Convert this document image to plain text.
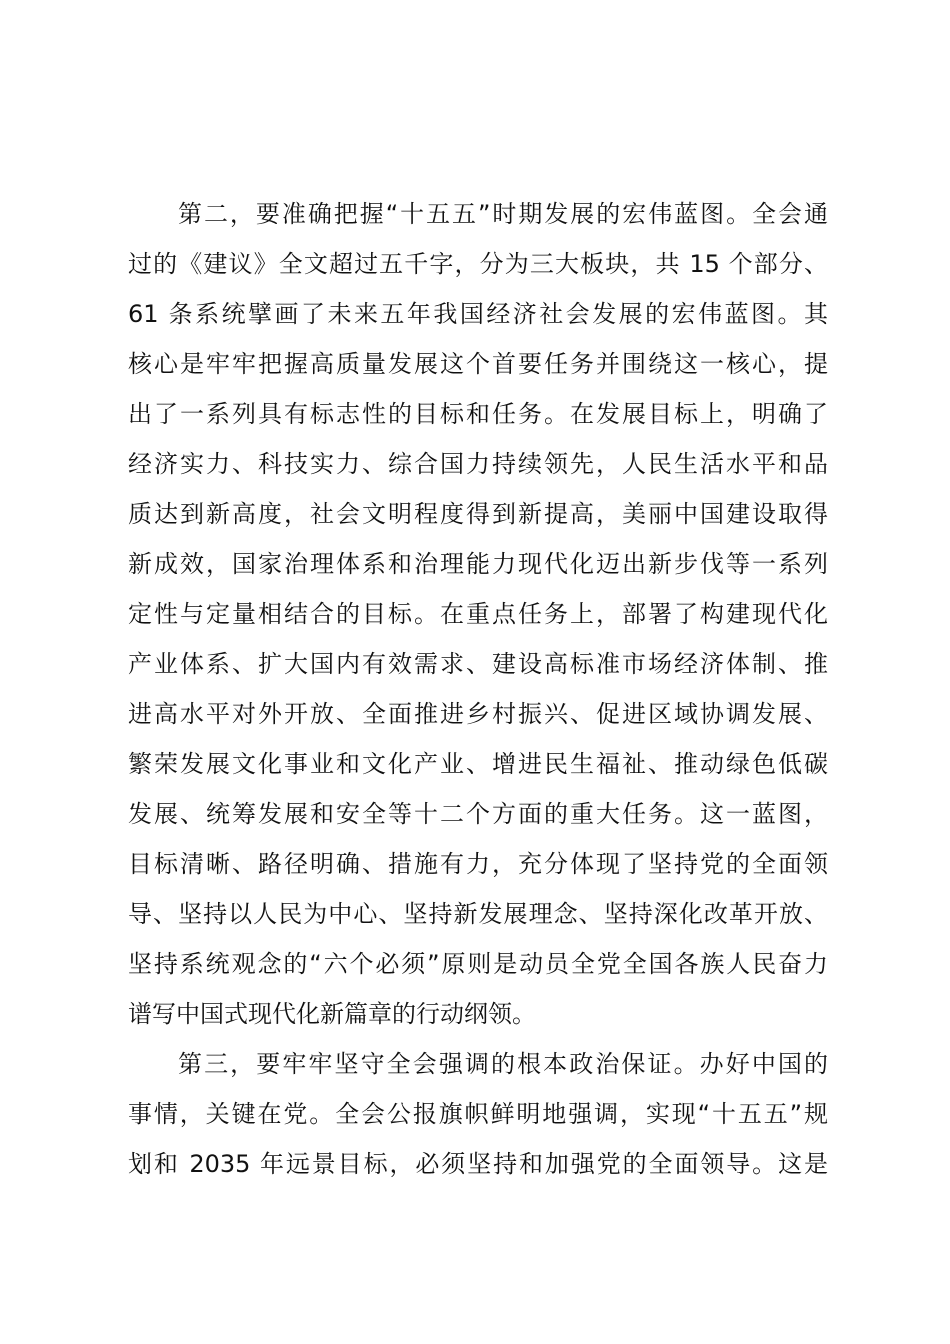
第二，要准确把握“十五五”时期发展的宏伟蓝图。全会通
过的《建议》全文超过五千字，分为三大板块，共 15 个部分、
61 条系统擘画了未来五年我国经济社会发展的宏伟蓝图。其
核心是牢牢把握高质量发展这个首要任务并围绕这一核心，提
出了一系列具有标志性的目标和任务。在发展目标上，明确了
经济实力、科技实力、综合国力持续领先，人民生活水平和品
质达到新高度，社会文明程度得到新提高，美丽中国建设取得
新成效，国家治理体系和治理能力现代化迈出新步伐等一系列
定性与定量相结合的目标。在重点任务上，部署了构建现代化
产业体系、扩大国内有效需求、建设高标准市场经济体制、推
进高水平对外开放、全面推进乡村振兴、促进区域协调发展、
繁荣发展文化事业和文化产业、增进民生福祉、推动绿色低碳
发展、统筹发展和安全等十二个方面的重大任务。这一蓝图，
目标清晰、路径明确、措施有力，充分体现了坚持党的全面领
导、坚持以人民为中心、坚持新发展理念、坚持深化改革开放、
坚持系统观念的“六个必须”原则是动员全党全国各族人民奋力
谱写中国式现代化新篇章的行动纲领。

第三，要牢牢坚守全会强调的根本政治保证。办好中国的
事情，关键在党。全会公报旗帜鲜明地强调，实现“十五五”规
划和 2035 年远景目标，必须坚持和加强党的全面领导。这是
